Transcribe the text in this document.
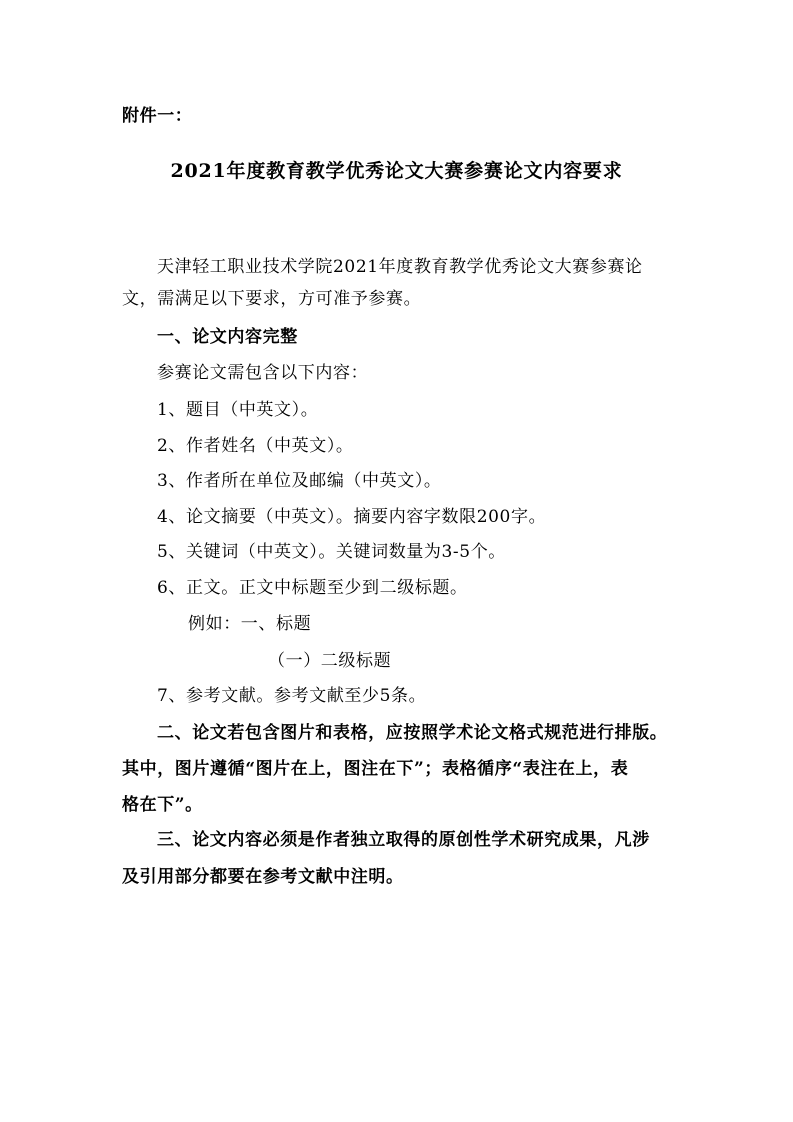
附件一：
2021年度教育教学优秀论文大赛参赛论文内容要求
天津轻工职业技术学院2021年度教育教学优秀论文大赛参赛论
文，需满足以下要求，方可准予参赛。
一、论文内容完整
参赛论文需包含以下内容：
1、题目（中英文）。
2、作者姓名（中英文）。
3、作者所在单位及邮编（中英文）。
4、论文摘要（中英文）。摘要内容字数限200字。
5、关键词（中英文）。关键词数量为3-5个。
6、正文。正文中标题至少到二级标题。
例如：一、标题
（一）二级标题
7、参考文献。参考文献至少5条。
二、论文若包含图片和表格，应按照学术论文格式规范进行排版。
其中，图片遵循“图片在上，图注在下”；表格循序“表注在上，表
格在下”。
三、论文内容必须是作者独立取得的原创性学术研究成果，凡涉
及引用部分都要在参考文献中注明。
